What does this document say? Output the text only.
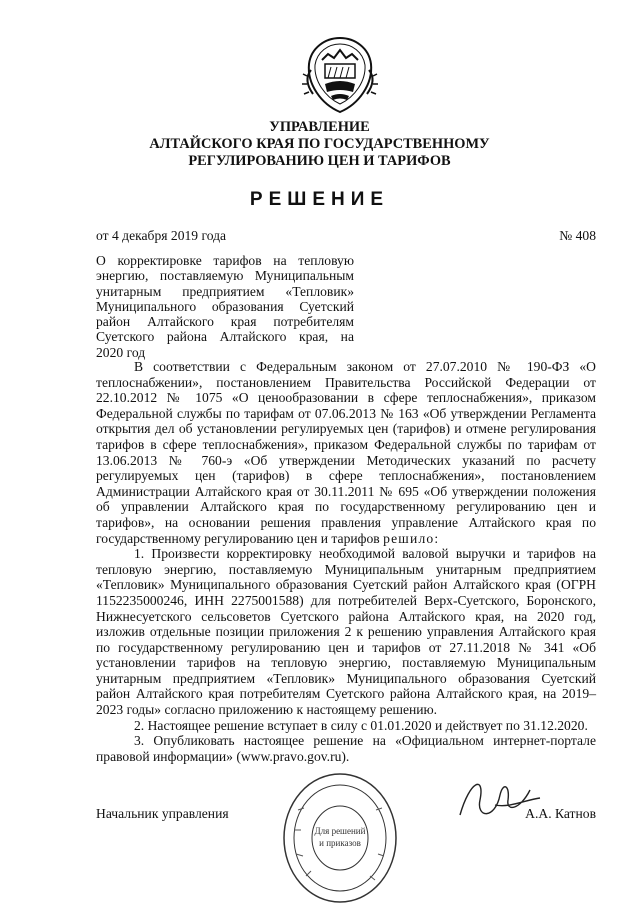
УПРАВЛЕНИЕ
АЛТАЙСКОГО КРАЯ ПО ГОСУДАРСТВЕННОМУ
РЕГУЛИРОВАНИЮ ЦЕН И ТАРИФОВ
РЕШЕНИЕ
от 4 декабря 2019 года	№ 408
О корректировке тарифов на тепловую
энергию, поставляемую Муниципальным
унитарным предприятием «Тепловик»
Муниципального образования Суетский
район Алтайского края потребителям
Суетского района Алтайского края, на
2020 год
В соответствии с Федеральным законом от 27.07.2010 № 190-ФЗ «О
теплоснабжении», постановлением Правительства Российской Федерации от
22.10.2012 № 1075 «О ценообразовании в сфере теплоснабжения», приказом
Федеральной службы по тарифам от 07.06.2013 № 163 «Об утверждении Регламента
открытия дел об установлении регулируемых цен (тарифов) и отмене регулирования
тарифов в сфере теплоснабжения», приказом Федеральной службы по тарифам от
13.06.2013 № 760-э «Об утверждении Методических указаний по расчету
регулируемых цен (тарифов) в сфере теплоснабжения», постановлением
Администрации Алтайского края от 30.11.2011 № 695 «Об утверждении положения
об управлении Алтайского края по государственному регулированию цен и
тарифов», на основании решения правления управление Алтайского края по
государственному регулированию цен и тарифов решило:
1. Произвести корректировку необходимой валовой выручки и тарифов на
тепловую энергию, поставляемую Муниципальным унитарным предприятием
«Тепловик» Муниципального образования Суетский район Алтайского края (ОГРН
1152235000246, ИНН 2275001588) для потребителей Верх-Суетского, Боронского,
Нижнесуетского сельсоветов Суетского района Алтайского края, на 2020 год,
изложив отдельные позиции приложения 2 к решению управления Алтайского края
по государственному регулированию цен и тарифов от 27.11.2018 № 341 «Об
установлении тарифов на тепловую энергию, поставляемую Муниципальным
унитарным предприятием «Тепловик» Муниципального образования Суетский
район Алтайского края потребителям Суетского района Алтайского края, на 2019–
2023 годы» согласно приложению к настоящему решению.
2. Настоящее решение вступает в силу с 01.01.2020 и действует по 31.12.2020.
3. Опубликовать настоящее решение на «Официальном интернет-портале
правовой информации» (www.pravo.gov.ru).
Для решений
и приказов
Начальник управления	А.А. Катнов
